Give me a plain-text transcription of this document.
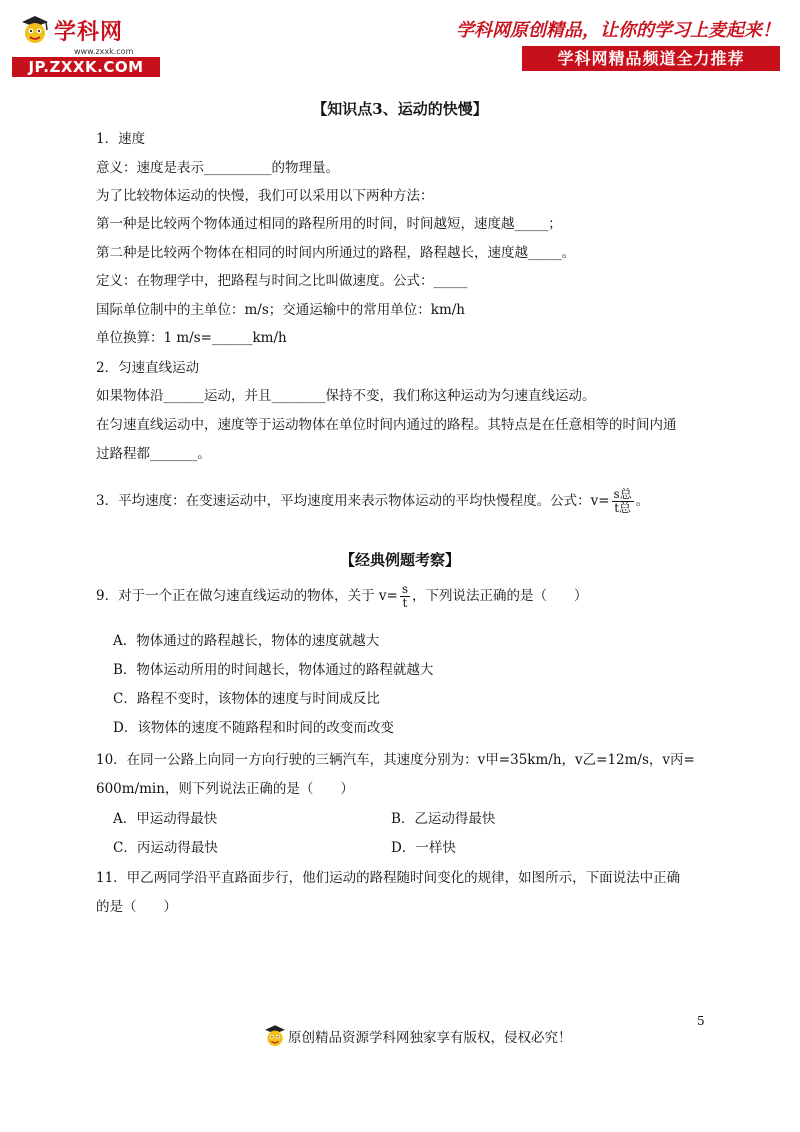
学科网
www.zxxk.com
JP.ZXXK.COM
学科网原创精品，让你的学习上麦起来！
学科网精品频道全力推荐
【知识点3、运动的快慢】
1．速度
意义：速度是表示__________的物理量。
为了比较物体运动的快慢，我们可以采用以下两种方法：
第一种是比较两个物体通过相同的路程所用的时间，时间越短，速度越_____；
第二种是比较两个物体在相同的时间内所通过的路程，路程越长，速度越_____。
定义：在物理学中，把路程与时间之比叫做速度。公式：_____
国际单位制中的主单位：m/s；交通运输中的常用单位：km/h
单位换算：1 m/s=______km/h
2．匀速直线运动
如果物体沿______运动，并且________保持不变，我们称这种运动为匀速直线运动。
在匀速直线运动中，速度等于运动物体在单位时间内通过的路程。其特点是在任意相等的时间内通
过路程都_______。
3．平均速度：在变速运动中，平均速度用来表示物体运动的平均快慢程度。公式：$v= \frac{\text{s总}}{\text{t总}}$ 。
【经典例题考察】
9．对于一个正在做匀速直线运动的物体，关于 $v= \frac{s}{t}$ ，下列说法正确的是（　　）
A．物体通过的路程越长，物体的速度就越大
B．物体运动所用的时间越长，物体通过的路程就越大
C．路程不变时，该物体的速度与时间成反比
D．该物体的速度不随路程和时间的改变而改变
10．在同一公路上向同一方向行驶的三辆汽车，其速度分别为：v甲=35km/h，v乙=12m/s，v丙=
600m/min，则下列说法正确的是（　　）
A．甲运动得最快	B．乙运动得最快
C．丙运动得最快	D．一样快
11．甲乙两同学沿平直路面步行，他们运动的路程随时间变化的规律，如图所示，下面说法中正确
的是（　　）
5
原创精品资源学科网独家享有版权，侵权必究！
